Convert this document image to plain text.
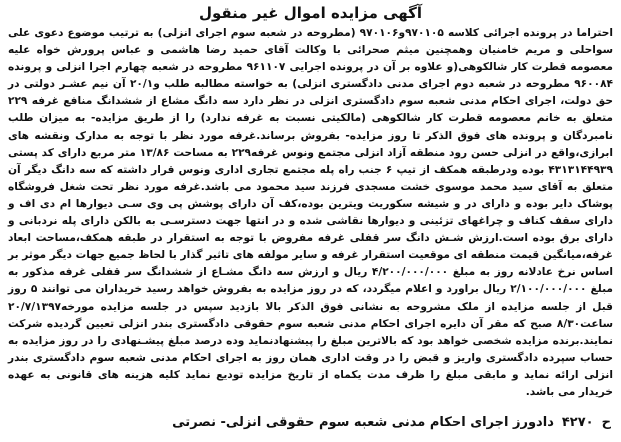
آگهی مزایده اموال غیر منقول

احتراما در پرونده اجرائی کلاسه ۹۷۰۱۰۵و۹۷۰۱۰۶ (مطروحه در شعبه سوم اجرای انزلی) به ترتیب موضوع دعوی علی سواحلی و مریم خامنیان وهمچنین میثم صحرائی با وکالت آقای حمید رضا هاشمی و عباس پرورش خواه علیه معصومه قطرت کار شالکوهی(و علاوه بر آن در پرونده اجرایی ۹۶۱۱۰۷ مطروحه در شعبه چهارم اجرا انزلی و پرونده ۹۶۰۰۸۴ مطروحه در شعبه دوم اجرای مدنی دادگستری انزلی) به خواسته مطالبه طلب و۲۰/۱ آن نیم عشـر دولتی در حق دولت، اجرای احکام مدنی شعبه سوم دادگستری انزلی در نظر دارد سه دانگ مشاع از ششدانگ منافع غرفه ۲۲۹ متعلق به خانم معصومه قطرت کار شالکوهی (مالکیتی نسبت به غرفه ندارد) را از طریق مزایده- به میزان طلب نامبردگان و پرونده های فوق الذکر تا روز مزایده- بفروش برساند.غرفه مورد نظر با توجه به مدارک ونقشه های ابرازی،واقع در انزلی حسن رود منطقه آزاد انزلی مجتمع ونوس غرفه۲۲۹ به مساحت ۱۳/۸۶ متر مربع دارای کد پستی ۴۳۱۳۱۴۴۹۳۹ بوده ودرطبقه همکف از تیپ ۶ جنب راه پله مجتمع تجاری اداری ونوس قرار داشته که سه دانگ دیگر آن متعلق به آقای سید محمد موسوی خشت مسجدی فرزند سید محمود می باشد.غرفه مورد نظر تحت شغل فروشگاه پوشاک دایر بوده و دارای در و شیشه سکوریت ویترین بوده،کف آن دارای پوشش پی وی سـی دیوارها ام دی اف و دارای سقف کناف و چراغهای تزئینی و دیوارها نقاشی شده و در انتها جهت دسترسـی به بالکن دارای پله نردبانی و دارای برق بوده است.ارزش شـش دانگ سر قفلی غرفه مفروض با توجه به استقرار در طبقه همکف،مساحت ابعاد غرفه،میانگین قیمت منطقه ای موقعیت استقرار غرفه و سایر مولفه های تاثیر گذار با لحاظ جمیع جهات دیگر موثر بر اساس نرخ عادلانه روز به مبلغ ۴/۲۰۰/۰۰۰/۰۰۰ ریال و ارزش سه دانگ مشـاع از ششدانگ سر قفلی غرفه مذکور به مبلغ ۲/۱۰۰/۰۰۰/۰۰۰ ریال براورد و اعلام میگردد، که در روز مزایده به بفروش خواهد رسید خریداران می توانند ۵ روز قبل از جلسه مزایده از ملک مشروحه به نشانی فوق الذکر بالا بازدید سپس در جلسه مزایده مورخه۲۰/۷/۱۳۹۷ ساعت۸/۳۰ صبح که مقر آن دایره اجرای احکام مدنی شعبه سوم حقوقی دادگستری بندر انزلی تعیین گردیده شرکت نمایند.برنده مزایده شخصی خواهد بود که بالاترین مبلغ را پیشنهادنماید وده درصد مبلغ پیشـنهادی را در روز مزایده به حساب سپرده دادگستری واریز و قبض را در وقت اداری همان روز به اجرای احکام مدنی شعبه سوم دادگستری بندر انزلی ارائه نماید و مابقی مبلغ را ظرف مدت یکماه از تاریخ مزایده تودیع نماید کلیه هزینه های قانونی به عهده خریدار می باشد.

ح
۴۲۷۰
دادورز اجرای احکام مدنی شعبه سوم حقوقی انزلی- نصرتی
